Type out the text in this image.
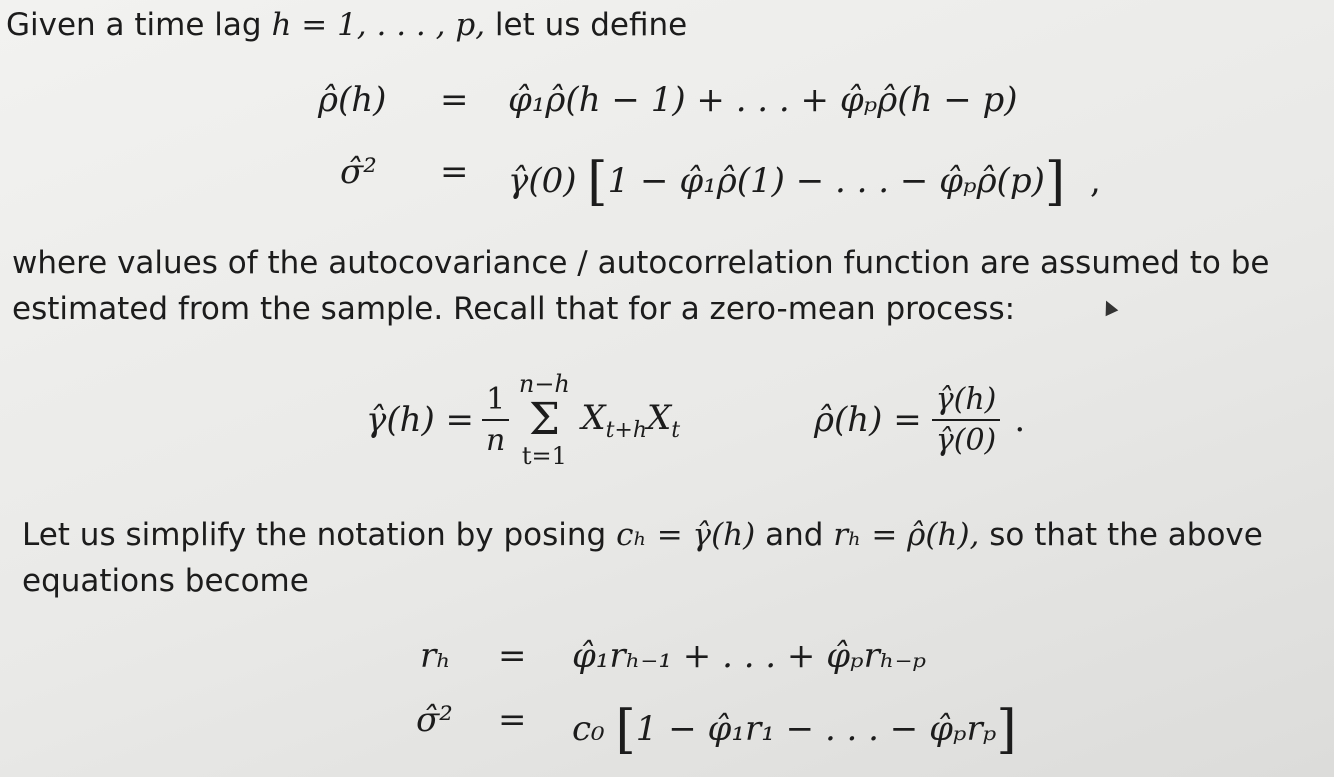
Given a time lag h = 1, . . . , p, let us define
ρ̂(h) = φ̂₁ρ̂(h − 1) + . . . + φ̂ₚρ̂(h − p)
σ̂² = γ̂(0) [1 − φ̂₁ρ̂(1) − . . . − φ̂ₚρ̂(p)] ,
where values of the autocovariance / autocorrelation function are assumed to be
estimated from the sample. Recall that for a zero-mean process:
γ̂(h) = $\frac{1}{n} n-h$
Σ
t=1
$X_{t+h}X_t$	ρ̂(h) = $\frac{\gammâ(h)}{\gammâ(0)}$ .
Let us simplify the notation by posing cₕ = γ̂(h) and rₕ = ρ̂(h), so that the above
equations become
rₕ = φ̂₁rₕ₋₁ + . . . + φ̂ₚrₕ₋ₚ
σ̂² = c₀ [1 − φ̂₁r₁ − . . . − φ̂ₚrₚ]
